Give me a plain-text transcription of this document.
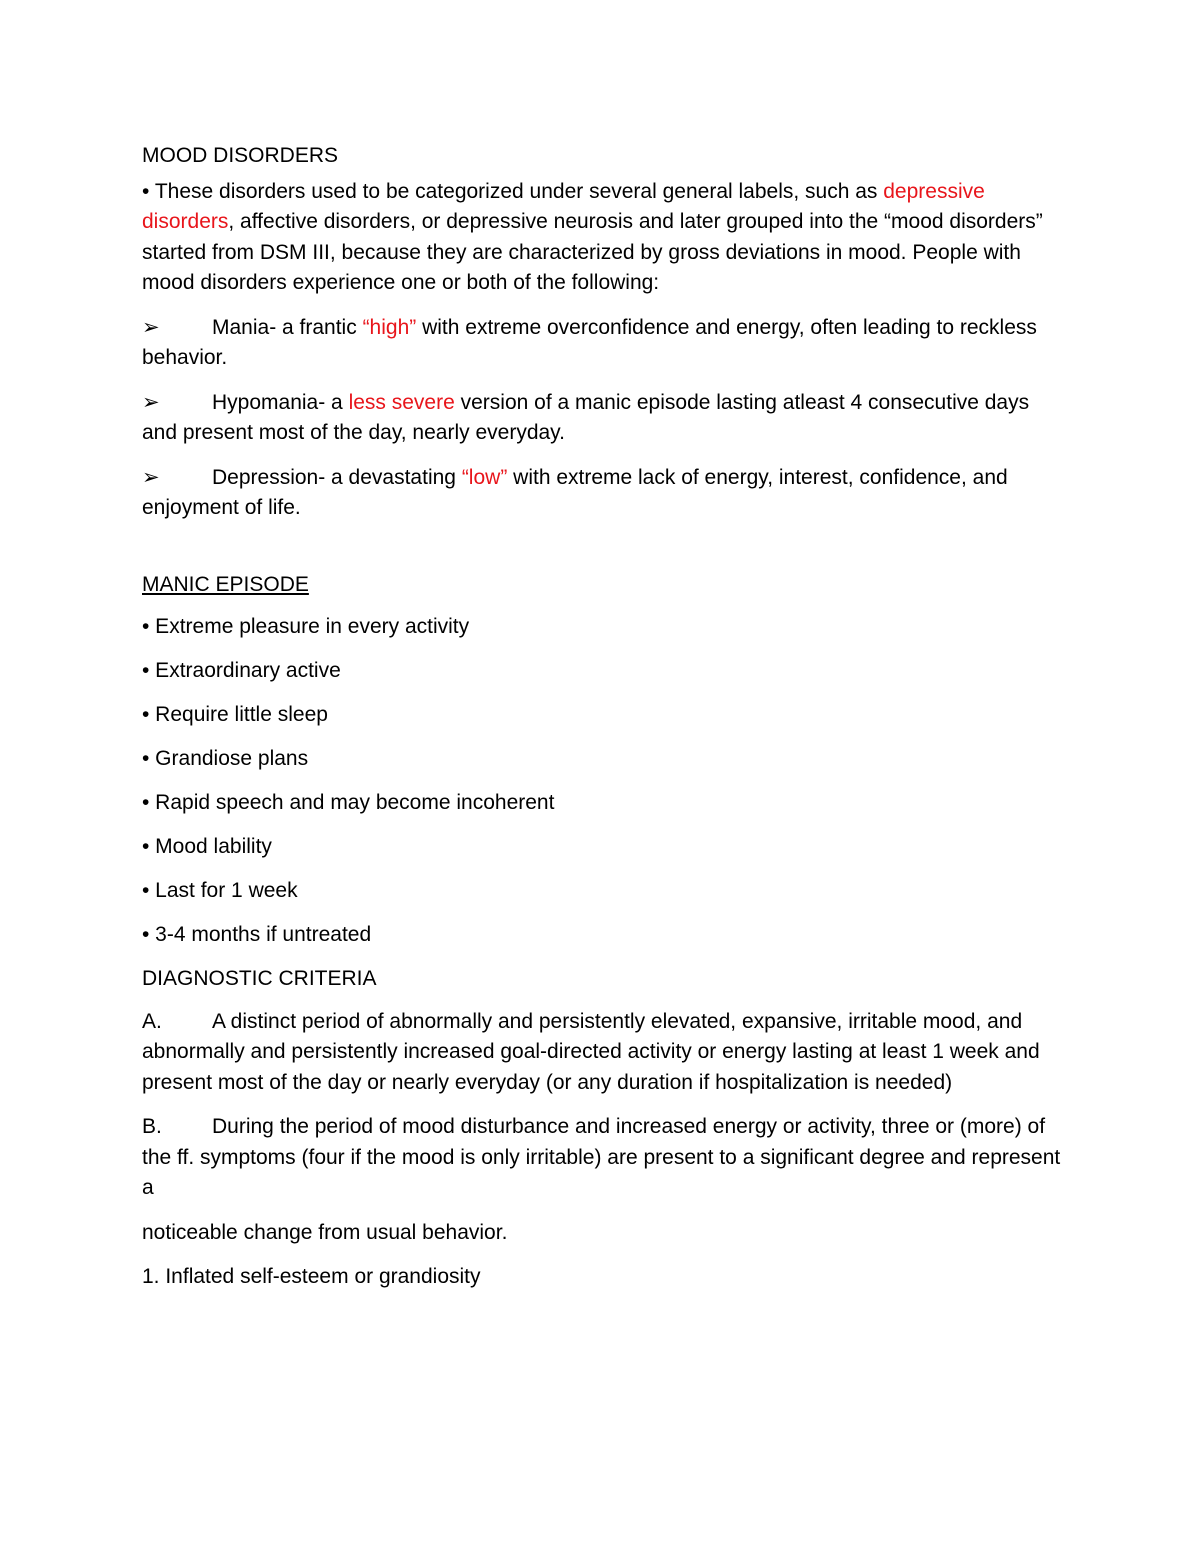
MOOD DISORDERS
• These disorders used to be categorized under several general labels, such as depressive disorders, affective disorders, or depressive neurosis and later grouped into the “mood disorders” started from DSM III, because they are characterized by gross deviations in mood. People with mood disorders experience one or both of the following:
➢ Mania- a frantic “high” with extreme overconfidence and energy, often leading to reckless behavior.
➢ Hypomania- a less severe version of a manic episode lasting atleast 4 consecutive days and present most of the day, nearly everyday.
➢ Depression- a devastating “low” with extreme lack of energy, interest, confidence, and enjoyment of life.
MANIC EPISODE
• Extreme pleasure in every activity
• Extraordinary active
• Require little sleep
• Grandiose plans
• Rapid speech and may become incoherent
• Mood lability
• Last for 1 week
• 3-4 months if untreated
DIAGNOSTIC CRITERIA
A. A distinct period of abnormally and persistently elevated, expansive, irritable mood, and abnormally and persistently increased goal-directed activity or energy lasting at least 1 week and present most of the day or nearly everyday (or any duration if hospitalization is needed)
B. During the period of mood disturbance and increased energy or activity, three or (more) of the ff. symptoms (four if the mood is only irritable) are present to a significant degree and represent a
noticeable change from usual behavior.
1. Inflated self-esteem or grandiosity
